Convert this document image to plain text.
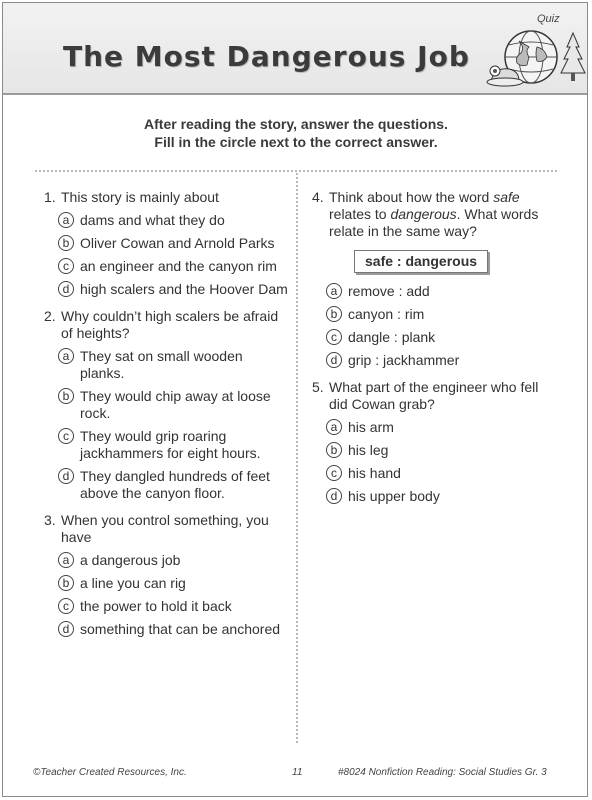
The Most Dangerous Job
Quiz
After reading the story, answer the questions.
Fill in the circle next to the correct answer.
1. This story is mainly about
a dams and what they do
b Oliver Cowan and Arnold Parks
c an engineer and the canyon rim
d high scalers and the Hoover Dam
2. Why couldn’t high scalers be afraid of heights?
a They sat on small wooden planks.
b They would chip away at loose rock.
c They would grip roaring jackhammers for eight hours.
d They dangled hundreds of feet above the canyon floor.
3. When you control something, you have
a a dangerous job
b a line you can rig
c the power to hold it back
d something that can be anchored
4. Think about how the word safe relates to dangerous. What words relate in the same way?
safe : dangerous
a remove : add
b canyon : rim
c dangle : plank
d grip : jackhammer
5. What part of the engineer who fell did Cowan grab?
a his arm
b his leg
c his hand
d his upper body
©Teacher Created Resources, Inc.	11	#8024 Nonfiction Reading: Social Studies Gr. 3
